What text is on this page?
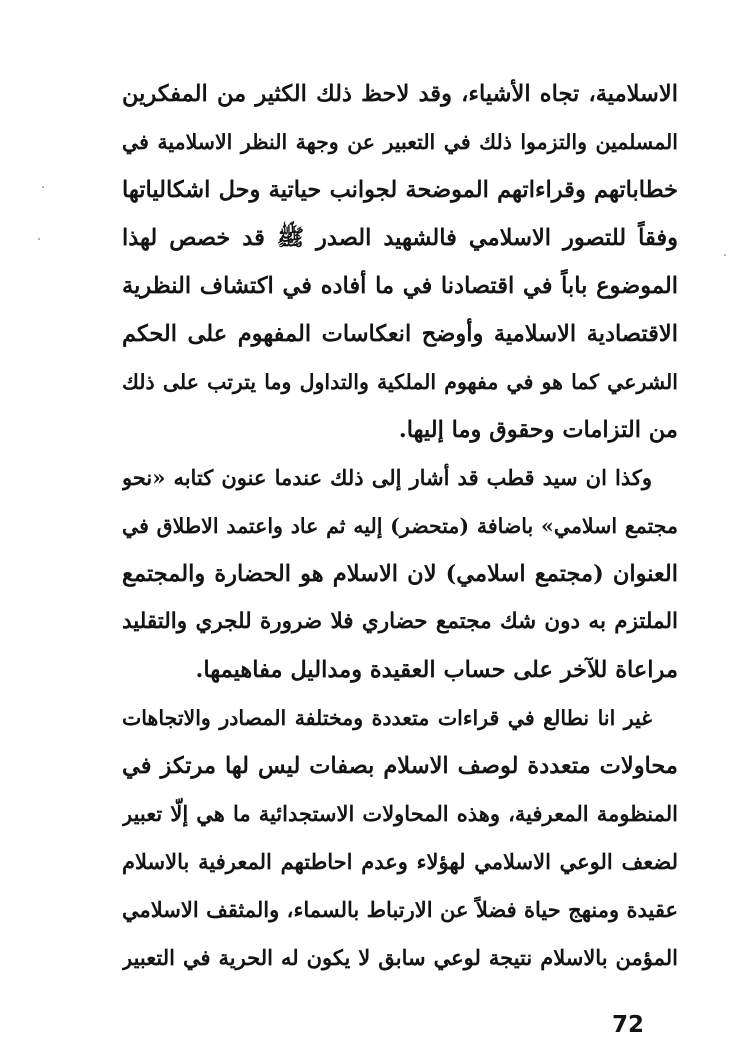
الاسلامية، تجاه الأشياء، وقد لاحظ ذلك الكثير من المفكرين
المسلمين والتزموا ذلك في التعبير عن وجهة النظر الاسلامية في
خطاباتهم وقراءاتهم الموضحة لجوانب حياتية وحل اشكالياتها
وفقاً للتصور الاسلامي فالشهيد الصدر ﷺ قد خصص لهذا
الموضوع باباً في اقتصادنا في ما أفاده في اكتشاف النظرية
الاقتصادية الاسلامية وأوضح انعكاسات المفهوم على الحكم
الشرعي كما هو في مفهوم الملكية والتداول وما يترتب على ذلك
من التزامات وحقوق وما إليها.
وكذا ان سيد قطب قد أشار إلى ذلك عندما عنون كتابه «نحو
مجتمع اسلامي» باضافة (متحضر) إليه ثم عاد واعتمد الاطلاق في
العنوان (مجتمع اسلامي) لان الاسلام هو الحضارة والمجتمع
الملتزم به دون شك مجتمع حضاري فلا ضرورة للجري والتقليد
مراعاة للآخر على حساب العقيدة ومداليل مفاهيمها.
غير انا نطالع في قراءات متعددة ومختلفة المصادر والاتجاهات
محاولات متعددة لوصف الاسلام بصفات ليس لها مرتكز في
المنظومة المعرفية، وهذه المحاولات الاستجدائية ما هي إلّا تعبير
لضعف الوعي الاسلامي لهؤلاء وعدم احاطتهم المعرفية بالاسلام
عقيدة ومنهج حياة فضلاً عن الارتباط بالسماء، والمثقف الاسلامي
المؤمن بالاسلام نتيجة لوعي سابق لا يكون له الحرية في التعبير
72
